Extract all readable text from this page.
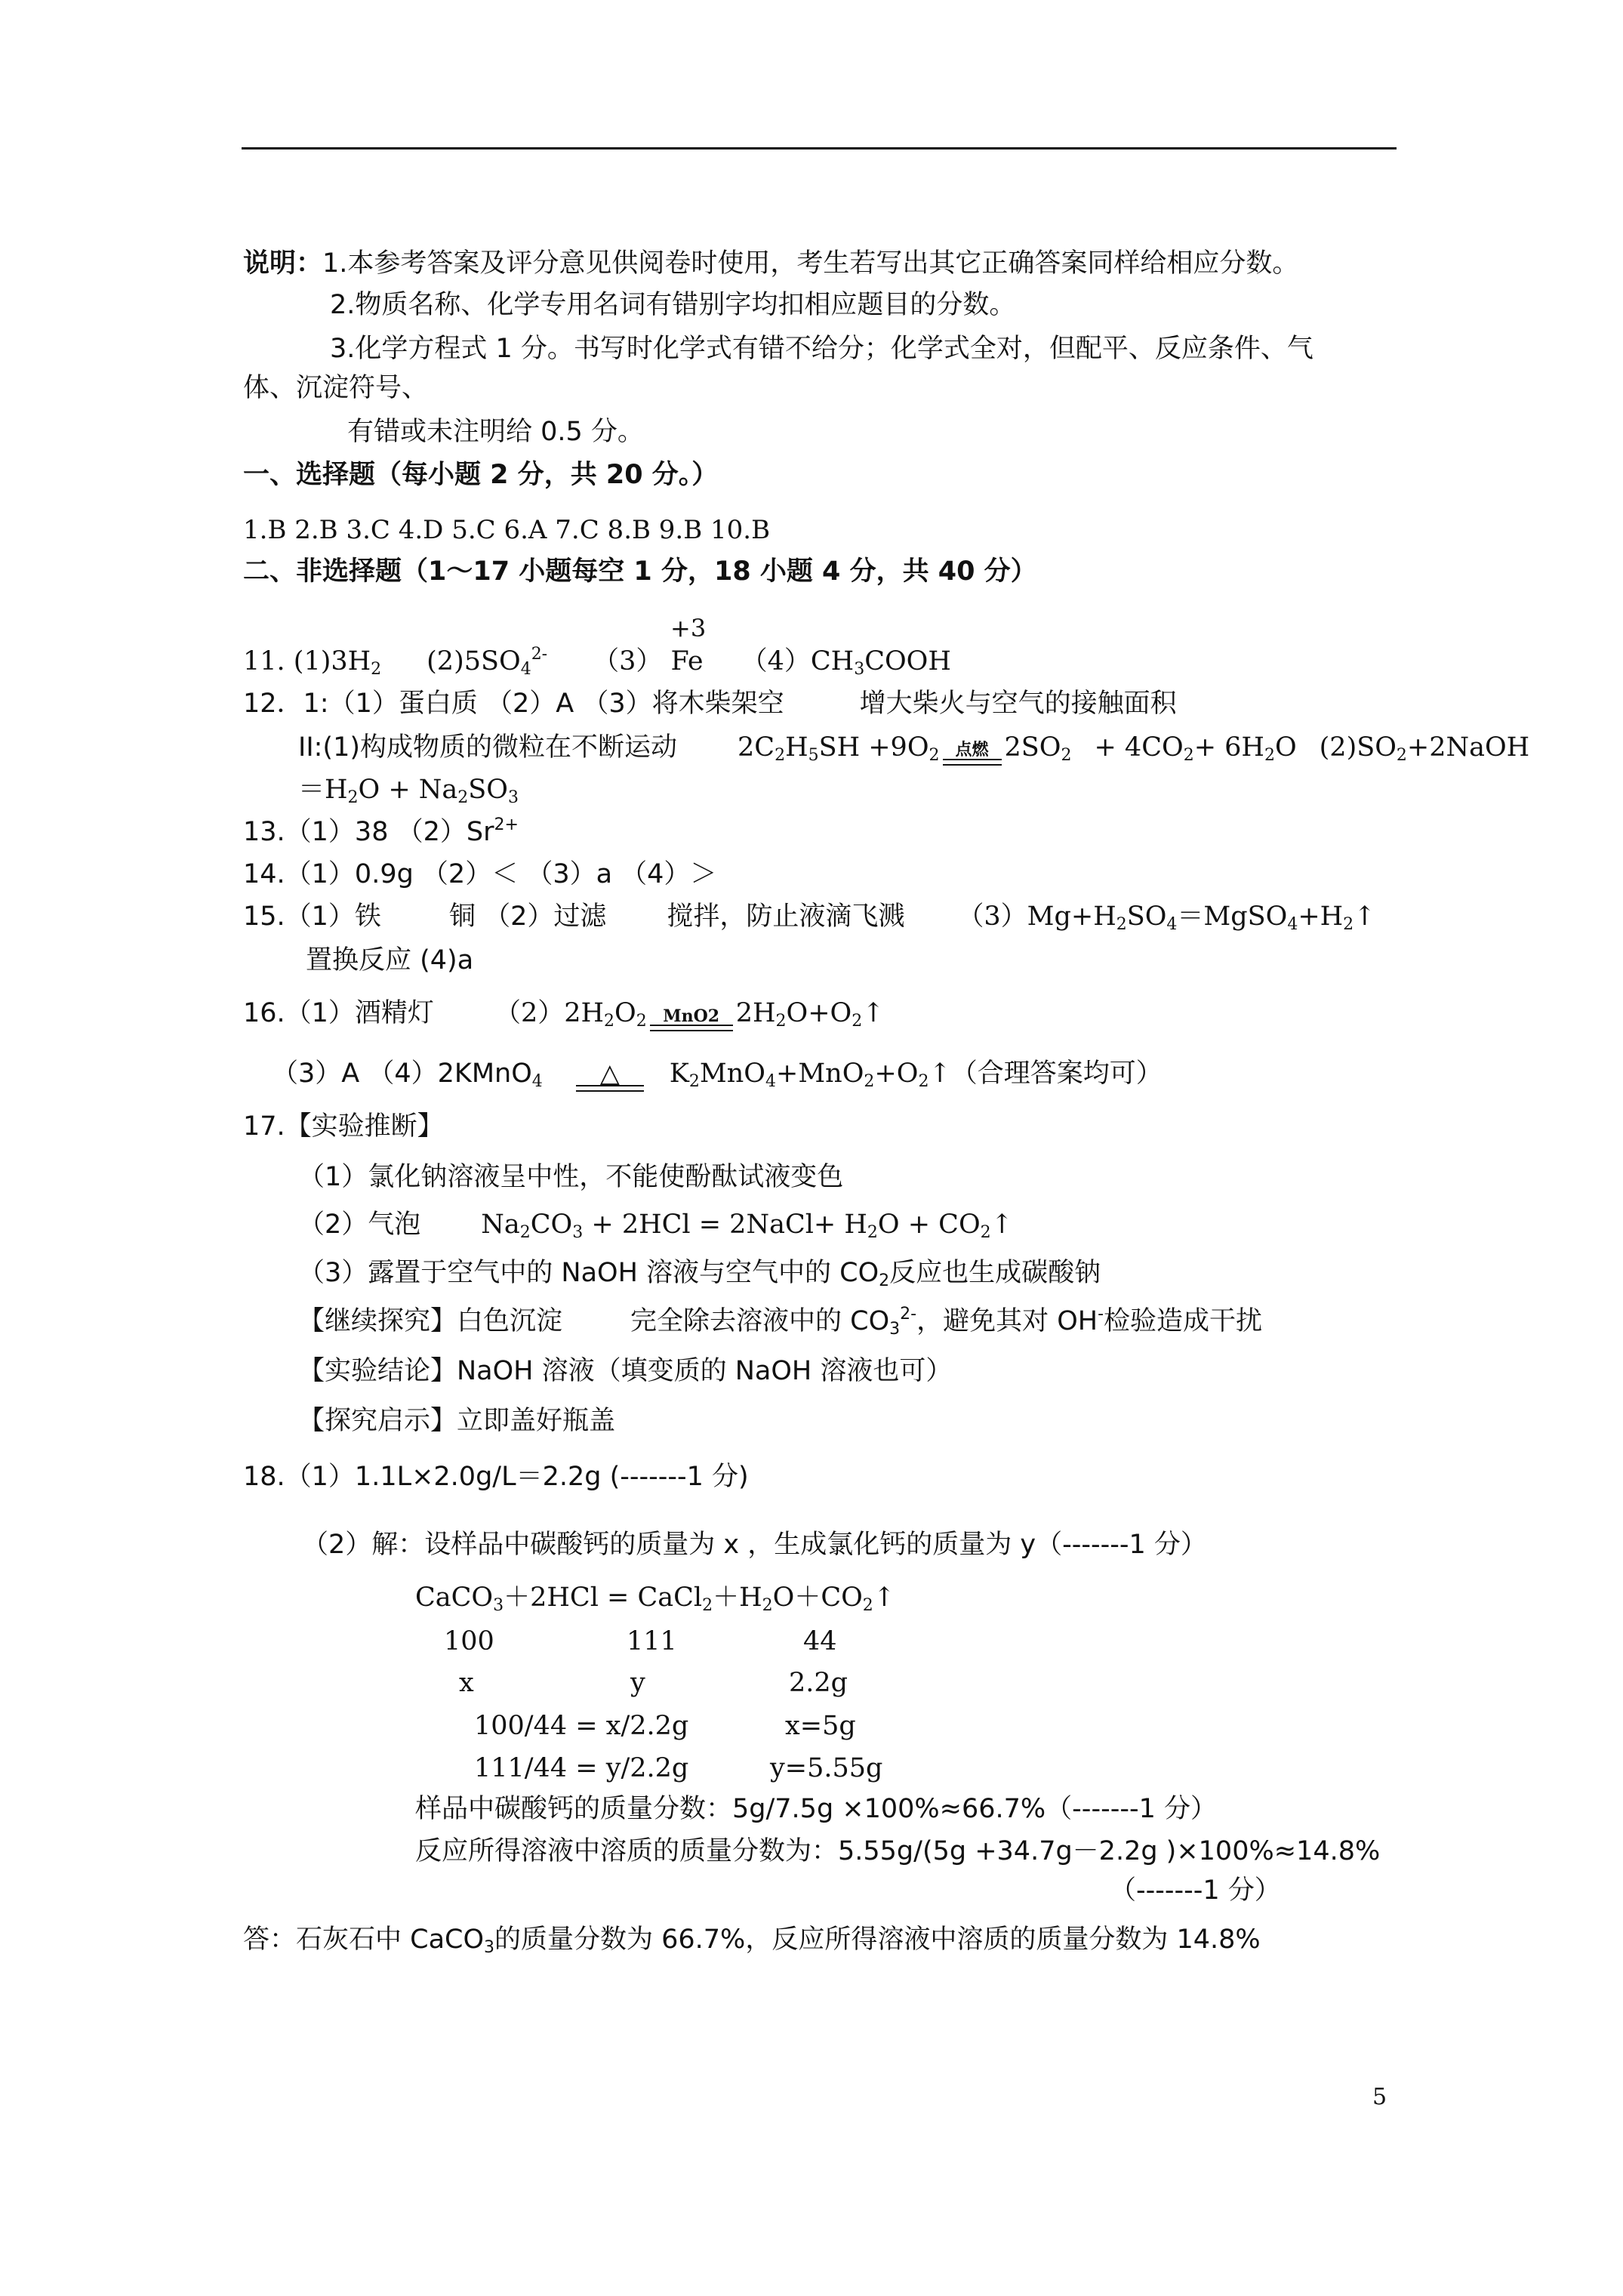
说明：1.本参考答案及评分意见供阅卷时使用，考生若写出其它正确答案同样给相应分数。
2.物质名称、化学专用名词有错别字均扣相应题目的分数。
3.化学方程式 1 分。书写时化学式有错不给分；化学式全对，但配平、反应条件、气
体、沉淀符号、
有错或未注明给 0.5 分。
一、选择题（每小题 2 分，共 20 分。）
1.B 2.B 3.C 4.D 5.C 6.A 7.C 8.B 9.B 10.B
二、非选择题（1～17 小题每空 1 分，18 小题 4 分，共 40 分）
+3
11. $(1)3H_2$ $(2)5SO_4^{2-}$ （3） Fe $(4)CH_3COOH$
12．1:（1）蛋白质 （2）A （3）将木柴架空	增大柴火与空气的接触面积
II:(1)构成物质的微粒在不断运动 $2C_2H_5SH +9O_2$ 点燃 $2SO_2 + 4CO_2+ 6H_2O$ $(2)SO_2+2NaOH$
$=H_2O + Na_2SO_3$
13.（1）38 $(2)Sr^{2+}$
14.（1）0.9g （2）＜ （3）a （4）＞
15.（1）铁	铜 （2）过滤 搅拌，防止液滴飞溅 $(3)Mg+H_2SO_4=MgSO_4+H_2↑$
置换反应 (4)a
16.（1）酒精灯 $(2)2H_2O_2$ MnO2 $2H_2O+O_2↑$
（3）A （4）2KMnO$_4$	△	$K_2MnO_4+MnO_2+O_2↑$（合理答案均可）
17.【实验推断】
（1）氯化钠溶液呈中性，不能使酚酞试液变色
（2）气泡 $Na_2CO_3 + 2HCl$ = 2NaCl+ $H_2O$ + $CO_2↑$
（3）露置于空气中的 NaOH 溶液与空气中的 $CO_2$反应也生成碳酸钠
【继续探究】白色沉淀	完全除去溶液中的 $CO_3^{2-}$，避免其对 OH-检验造成干扰
【实验结论】NaOH 溶液（填变质的 NaOH 溶液也可）
【探究启示】立即盖好瓶盖
18.（1）1.1L×2.0g/L＝2.2g (-------1 分)
（2）解：设样品中碳酸钙的质量为 x ，生成氯化钙的质量为 y（-------1 分）
CaCO$_3$＋2HCl = $CaCl_2+H_2O+CO_2↑$
100	111	44
x	y	2.2g
100/44 = x/2.2g	x=5g
111/44 = y/2.2g	y=5.55g
样品中碳酸钙的质量分数：5g/7.5g ×100%≈66.7%（-------1 分）
反应所得溶液中溶质的质量分数为：5.55g/(5g +34.7g－2.2g )×100%≈14.8%
（-------1 分）
答：石灰石中 CaCO$_3$的质量分数为 66.7%，反应所得溶液中溶质的质量分数为 14.8%
5
